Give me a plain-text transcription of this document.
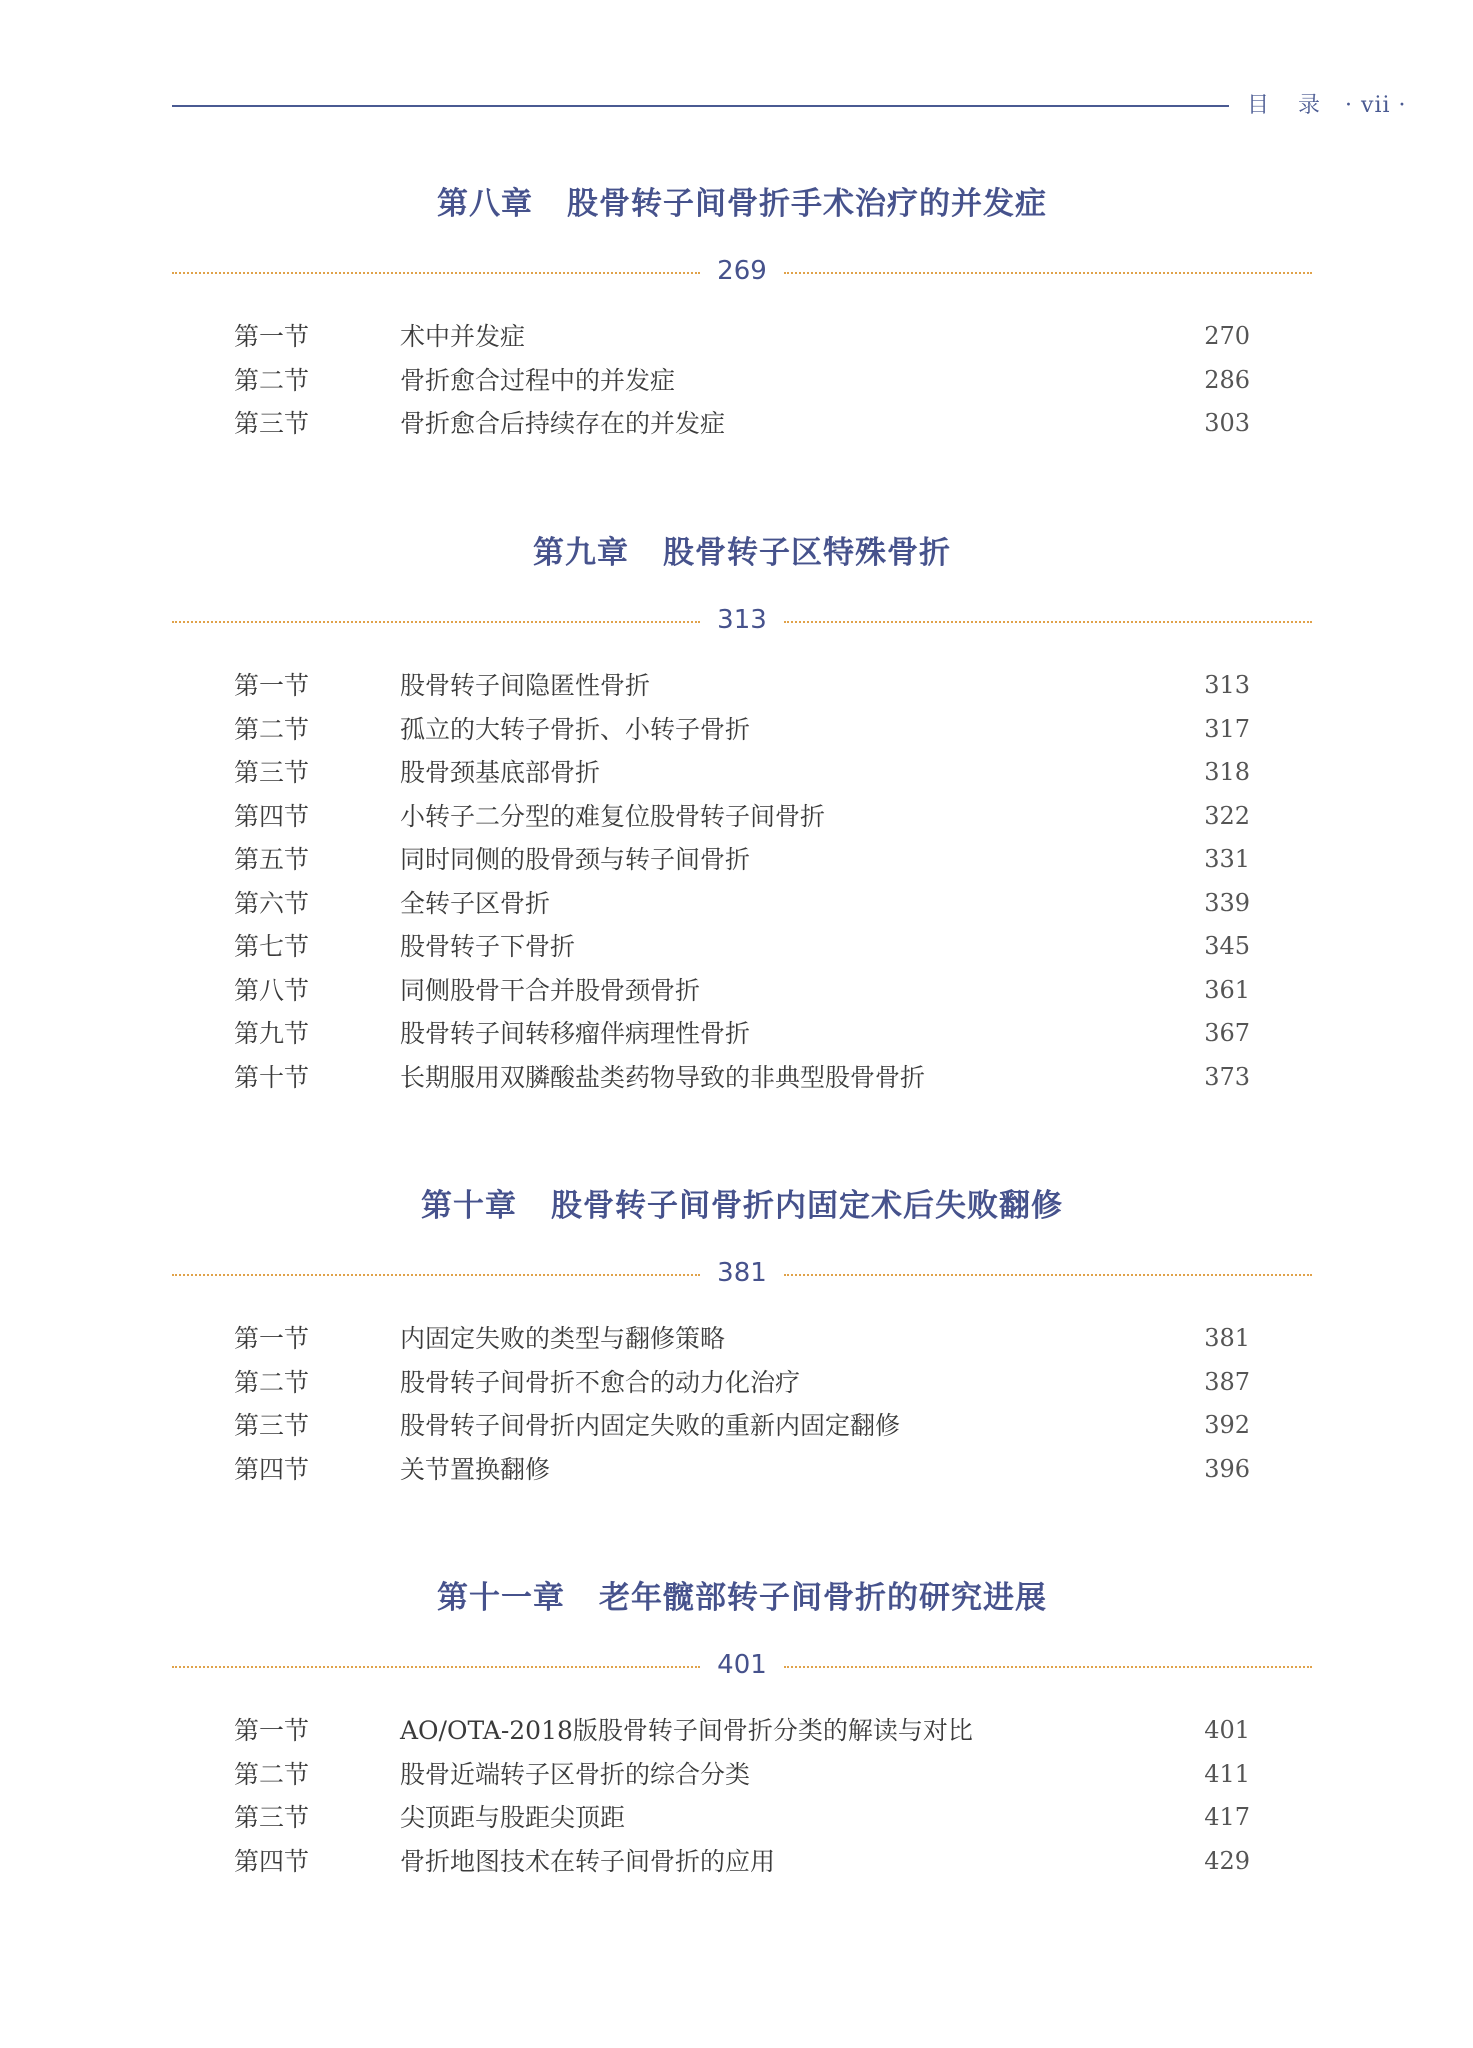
目 录 · vii ·
第八章 股骨转子间骨折手术治疗的并发症
269
第一节	术中并发症	270
第二节	骨折愈合过程中的并发症	286
第三节	骨折愈合后持续存在的并发症	303
第九章 股骨转子区特殊骨折
313
第一节	股骨转子间隐匿性骨折	313
第二节	孤立的大转子骨折、小转子骨折	317
第三节	股骨颈基底部骨折	318
第四节	小转子二分型的难复位股骨转子间骨折	322
第五节	同时同侧的股骨颈与转子间骨折	331
第六节	全转子区骨折	339
第七节	股骨转子下骨折	345
第八节	同侧股骨干合并股骨颈骨折	361
第九节	股骨转子间转移瘤伴病理性骨折	367
第十节	长期服用双膦酸盐类药物导致的非典型股骨骨折	373
第十章 股骨转子间骨折内固定术后失败翻修
381
第一节	内固定失败的类型与翻修策略	381
第二节	股骨转子间骨折不愈合的动力化治疗	387
第三节	股骨转子间骨折内固定失败的重新内固定翻修	392
第四节	关节置换翻修	396
第十一章 老年髋部转子间骨折的研究进展
401
第一节	AO/OTA-2018版股骨转子间骨折分类的解读与对比	401
第二节	股骨近端转子区骨折的综合分类	411
第三节	尖顶距与股距尖顶距	417
第四节	骨折地图技术在转子间骨折的应用	429
